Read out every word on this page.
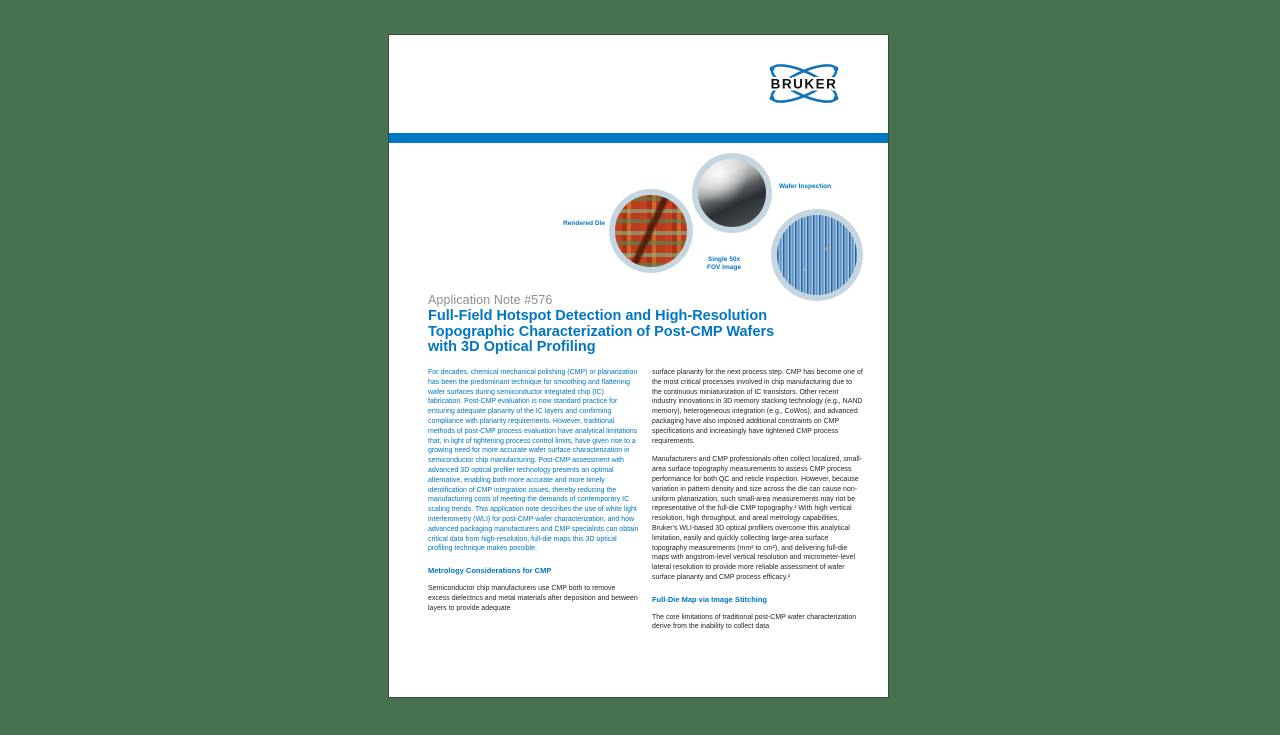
BRUKER
Rendered Die
Wafer Inspection
Single 50x
FOV Image
Application Note #576
Full-Field Hotspot Detection and High-Resolution
Topographic Characterization of Post-CMP Wafers
with 3D Optical Profiling

For decades, chemical mechanical polishing (CMP) or planarization has been the predominant technique for smoothing and flattening wafer surfaces during semiconductor integrated chip (IC) fabrication. Post-CMP evaluation is now standard practice for ensuring adequate planarity of the IC layers and confirming compliance with planarity requirements. However, traditional methods of post-CMP process evaluation have analytical limitations that, in light of tightening process control limits, have given rise to a growing need for more accurate wafer surface characterization in semiconductor chip manufacturing. Post-CMP assessment with advanced 3D optical profiler technology presents an optimal alternative, enabling both more accurate and more timely identification of CMP integration issues, thereby reducing the manufacturing costs of meeting the demands of contemporary IC scaling trends. This application note describes the use of white light interferometry (WLI) for post-CMP wafer characterization, and how advanced packaging manufacturers and CMP specialists can obtain critical data from high-resolution, full-die maps this 3D optical profiling technique makes possible.

Metrology Considerations for CMP

Semiconductor chip manufacturers use CMP both to remove excess dielectrics and metal materials after deposition and between layers to provide adequate

surface planarity for the next process step. CMP has become one of the most critical processes involved in chip manufacturing due to the continuous miniaturization of IC transistors. Other recent industry innovations in 3D memory stacking technology (e.g., NAND memory), heterogeneous integration (e.g., CoWos), and advanced packaging have also imposed additional constraints on CMP specifications and increasingly have tightened CMP process requirements.

Manufacturers and CMP professionals often collect localized, small-area surface topography measurements to assess CMP process performance for both QC and reticle inspection. However, because variation in pattern density and size across the die can cause non-uniform planarization, such small-area measurements may not be representative of the full-die CMP topography.¹ With high vertical resolution, high throughput, and areal metrology capabilities, Bruker's WLI-based 3D optical profilers overcome this analytical limitation, easily and quickly collecting large-area surface topography measurements (mm² to cm²), and delivering full-die maps with angstrom-level vertical resolution and micrometer-level lateral resolution to provide more reliable assessment of wafer surface planarity and CMP process efficacy.²

Full-Die Map via Image Stitching

The core limitations of traditional post-CMP wafer characterization derive from the inability to collect data
